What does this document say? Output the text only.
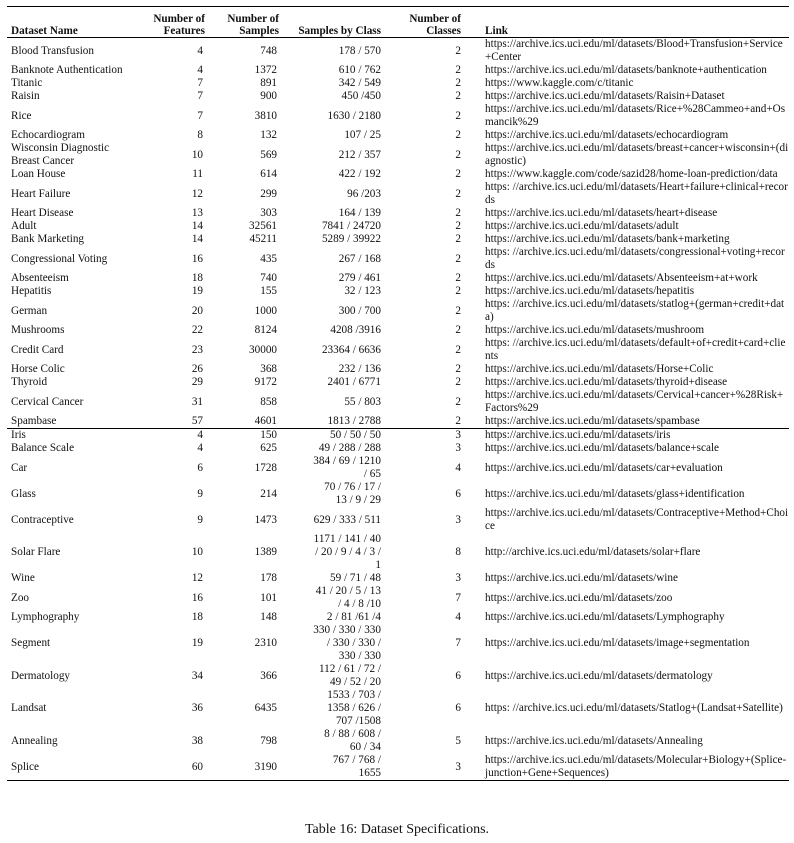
Dataset Name	Number of Features	Number of Samples	Samples by Class	Number of Classes	Link
Blood Transfusion	4	748	178 / 570	2	https://archive.ics.uci.edu/ml/datasets/Blood+Transfusion+Service+Center
Banknote Authentication	4	1372	610 / 762	2	https://archive.ics.uci.edu/ml/datasets/banknote+authentication
Titanic	7	891	342 / 549	2	https://www.kaggle.com/c/titanic
Raisin	7	900	450 /450	2	https://archive.ics.uci.edu/ml/datasets/Raisin+Dataset
Rice	7	3810	1630 / 2180	2	https://archive.ics.uci.edu/ml/datasets/Rice+%28Cammeo+and+Osmancik%29
Echocardiogram	8	132	107 / 25	2	https://archive.ics.uci.edu/ml/datasets/echocardiogram
Wisconsin Diagnostic Breast Cancer	10	569	212 / 357	2	https://archive.ics.uci.edu/ml/datasets/breast+cancer+wisconsin+(diagnostic)
Loan House	11	614	422 / 192	2	https://www.kaggle.com/code/sazid28/home-loan-prediction/data
Heart Failure	12	299	96 /203	2	https: //archive.ics.uci.edu/ml/datasets/Heart+failure+clinical+records
Heart Disease	13	303	164 / 139	2	https://archive.ics.uci.edu/ml/datasets/heart+disease
Adult	14	32561	7841 / 24720	2	https://archive.ics.uci.edu/ml/datasets/adult
Bank Marketing	14	45211	5289 / 39922	2	https://archive.ics.uci.edu/ml/datasets/bank+marketing
Congressional Voting	16	435	267 / 168	2	https: //archive.ics.uci.edu/ml/datasets/congressional+voting+records
Absenteeism	18	740	279 / 461	2	https://archive.ics.uci.edu/ml/datasets/Absenteeism+at+work
Hepatitis	19	155	32 / 123	2	https://archive.ics.uci.edu/ml/datasets/hepatitis
German	20	1000	300 / 700	2	https: //archive.ics.uci.edu/ml/datasets/statlog+(german+credit+data)
Mushrooms	22	8124	4208 /3916	2	https://archive.ics.uci.edu/ml/datasets/mushroom
Credit Card	23	30000	23364 / 6636	2	https: //archive.ics.uci.edu/ml/datasets/default+of+credit+card+clients
Horse Colic	26	368	232 / 136	2	https://archive.ics.uci.edu/ml/datasets/Horse+Colic
Thyroid	29	9172	2401 / 6771	2	https://archive.ics.uci.edu/ml/datasets/thyroid+disease
Cervical Cancer	31	858	55 / 803	2	https://archive.ics.uci.edu/ml/datasets/Cervical+cancer+%28Risk+Factors%29
Spambase	57	4601	1813 / 2788	2	https://archive.ics.uci.edu/ml/datasets/spambase
Iris	4	150	50 / 50 / 50	3	https://archive.ics.uci.edu/ml/datasets/iris
Balance Scale	4	625	49 / 288 / 288	3	https://archive.ics.uci.edu/ml/datasets/balance+scale
Car	6	1728	384 / 69 / 1210 / 65	4	https://archive.ics.uci.edu/ml/datasets/car+evaluation
Glass	9	214	70 / 76 / 17 / 13 / 9 / 29	6	https://archive.ics.uci.edu/ml/datasets/glass+identification
Contraceptive	9	1473	629 / 333 / 511	3	https://archive.ics.uci.edu/ml/datasets/Contraceptive+Method+Choice
Solar Flare	10	1389	1171 / 141 / 40 / 20 / 9 / 4 / 3 / 1	8	http://archive.ics.uci.edu/ml/datasets/solar+flare
Wine	12	178	59 / 71 / 48	3	https://archive.ics.uci.edu/ml/datasets/wine
Zoo	16	101	41 / 20 / 5 / 13 / 4 / 8 /10	7	https://archive.ics.uci.edu/ml/datasets/zoo
Lymphography	18	148	2 / 81 /61 /4	4	https://archive.ics.uci.edu/ml/datasets/Lymphography
Segment	19	2310	330 / 330 / 330 / 330 / 330 / 330 / 330	7	https://archive.ics.uci.edu/ml/datasets/image+segmentation
Dermatology	34	366	112 / 61 / 72 / 49 / 52 / 20	6	https://archive.ics.uci.edu/ml/datasets/dermatology
Landsat	36	6435	1533 / 703 / 1358 / 626 / 707 /1508	6	https: //archive.ics.uci.edu/ml/datasets/Statlog+(Landsat+Satellite)
Annealing	38	798	8 / 88 / 608 / 60 / 34	5	https://archive.ics.uci.edu/ml/datasets/Annealing
Splice	60	3190	767 / 768 / 1655	3	https://archive.ics.uci.edu/ml/datasets/Molecular+Biology+(Splice-junction+Gene+Sequences)
Table 16: Dataset Specifications.
